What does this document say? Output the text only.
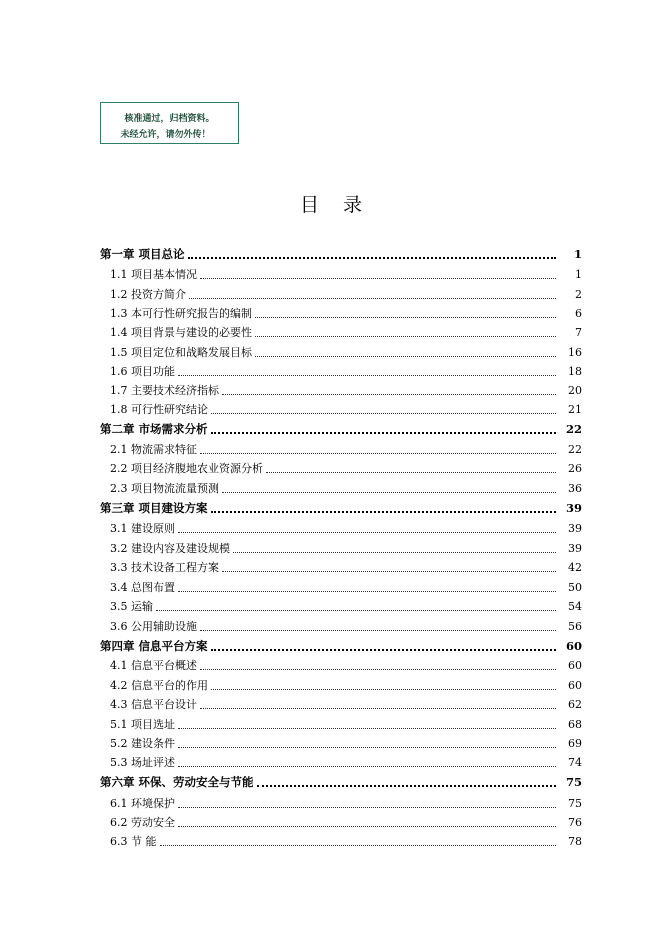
核准通过，归档资料。
未经允许，请勿外传！
目录
第一章 项目总论	1
1.1 项目基本情况	1
1.2 投资方简介	2
1.3 本可行性研究报告的编制	6
1.4 项目背景与建设的必要性	7
1.5 项目定位和战略发展目标	16
1.6 项目功能	18
1.7 主要技术经济指标	20
1.8 可行性研究结论	21
第二章 市场需求分析	22
2.1 物流需求特征	22
2.2 项目经济腹地农业资源分析	26
2.3 项目物流流量预测	36
第三章 项目建设方案	39
3.1 建设原则	39
3.2 建设内容及建设规模	39
3.3 技术设备工程方案	42
3.4 总图布置	50
3.5 运输	54
3.6 公用辅助设施	56
第四章 信息平台方案	60
4.1 信息平台概述	60
4.2 信息平台的作用	60
4.3 信息平台设计	62
5.1 项目选址	68
5.2 建设条件	69
5.3 场址评述	74
第六章 环保、劳动安全与节能	75
6.1 环境保护	75
6.2 劳动安全	76
6.3 节 能	78
